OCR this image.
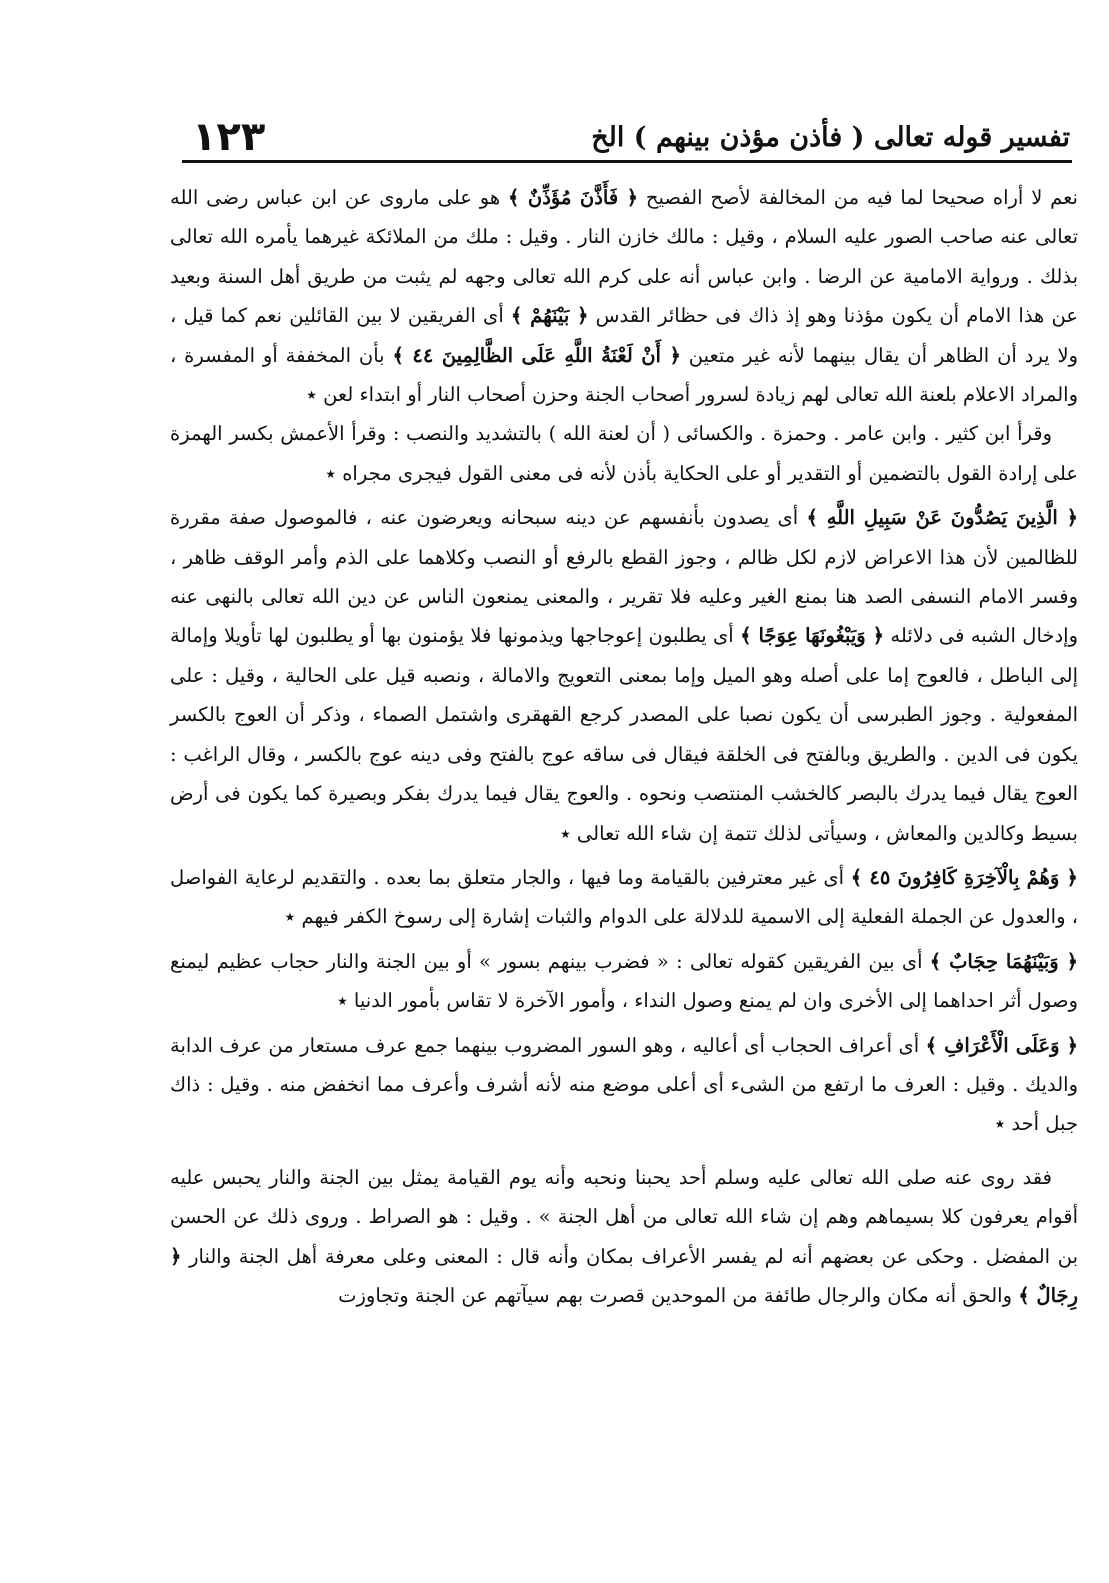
١٢٣	تفسير قوله تعالى ( فأذن مؤذن بينهم ) الخ

نعم لا أراه صحيحا لما فيه من المخالفة لأصح الفصيح ﴿ فَأَذَّنَ مُؤَذِّنٌ ﴾ هو على ماروى عن ابن عباس رضى الله تعالى عنه صاحب الصور عليه السلام ، وقيل : مالك خازن النار . وقيل : ملك من الملائكة غيرهما يأمره الله تعالى بذلك . ورواية الامامية عن الرضا . وابن عباس أنه على كرم الله تعالى وجهه لم يثبت من طريق أهل السنة وبعيد عن هذا الامام أن يكون مؤذنا وهو إذ ذاك فى حظائر القدس ﴿ بَيْنَهُمْ ﴾ أى الفريقين لا بين القائلين نعم كما قيل ، ولا يرد أن الظاهر أن يقال بينهما لأنه غير متعين ﴿ أَنْ لَعْنَةُ اللَّهِ عَلَى الظَّالِمِينَ ٤٤ ﴾ بأن المخففة أو المفسرة ، والمراد الاعلام بلعنة الله تعالى لهم زيادة لسرور أصحاب الجنة وحزن أصحاب النار أو ابتداء لعن ٭

وقرأ ابن كثير . وابن عامر . وحمزة . والكسائى ( أن لعنة الله ) بالتشديد والنصب : وقرأ الأعمش بكسر الهمزة على إرادة القول بالتضمين أو التقدير أو على الحكاية بأذن لأنه فى معنى القول فيجرى مجراه ٭

﴿ الَّذِينَ يَصُدُّونَ عَنْ سَبِيلِ اللَّهِ ﴾ أى يصدون بأنفسهم عن دينه سبحانه ويعرضون عنه ، فالموصول صفة مقررة للظالمين لأن هذا الاعراض لازم لكل ظالم ، وجوز القطع بالرفع أو النصب وكلاهما على الذم وأمر الوقف ظاهر ، وفسر الامام النسفى الصد هنا بمنع الغير وعليه فلا تقرير ، والمعنى يمنعون الناس عن دين الله تعالى بالنهى عنه وإدخال الشبه فى دلائله ﴿ وَيَبْغُونَهَا عِوَجًا ﴾ أى يطلبون إعوجاجها ويذمونها فلا يؤمنون بها أو يطلبون لها تأويلا وإمالة إلى الباطل ، فالعوج إما على أصله وهو الميل وإما بمعنى التعويج والامالة ، ونصبه قيل على الحالية ، وقيل : على المفعولية . وجوز الطبرسى أن يكون نصبا على المصدر كرجع القهقرى واشتمل الصماء ، وذكر أن العوج بالكسر يكون فى الدين . والطريق وبالفتح فى الخلقة فيقال فى ساقه عوج بالفتح وفى دينه عوج بالكسر ، وقال الراغب : العوج يقال فيما يدرك بالبصر كالخشب المنتصب ونحوه . والعوج يقال فيما يدرك بفكر وبصيرة كما يكون فى أرض بسيط وكالدين والمعاش ، وسيأتى لذلك تتمة إن شاء الله تعالى ٭

﴿ وَهُمْ بِالْآخِرَةِ كَافِرُونَ ٤٥ ﴾ أى غير معترفين بالقيامة وما فيها ، والجار متعلق بما بعده . والتقديم لرعاية الفواصل ، والعدول عن الجملة الفعلية إلى الاسمية للدلالة على الدوام والثبات إشارة إلى رسوخ الكفر فيهم ٭

﴿ وَبَيْنَهُمَا حِجَابٌ ﴾ أى بين الفريقين كقوله تعالى : « فضرب بينهم بسور » أو بين الجنة والنار حجاب عظيم ليمنع وصول أثر احداهما إلى الأخرى وان لم يمنع وصول النداء ، وأمور الآخرة لا تقاس بأمور الدنيا ٭

﴿ وَعَلَى الْأَعْرَافِ ﴾ أى أعراف الحجاب أى أعاليه ، وهو السور المضروب بينهما جمع عرف مستعار من عرف الدابة والديك . وقيل : العرف ما ارتفع من الشىء أى أعلى موضع منه لأنه أشرف وأعرف مما انخفض منه . وقيل : ذاك جبل أحد ٭

فقد روى عنه صلى الله تعالى عليه وسلم أحد يحبنا ونحبه وأنه يوم القيامة يمثل بين الجنة والنار يحبس عليه أقوام يعرفون كلا بسيماهم وهم إن شاء الله تعالى من أهل الجنة » . وقيل : هو الصراط . وروى ذلك عن الحسن بن المفضل . وحكى عن بعضهم أنه لم يفسر الأعراف بمكان وأنه قال : المعنى وعلى معرفة أهل الجنة والنار ﴿ رِجَالٌ ﴾ والحق أنه مكان والرجال طائفة من الموحدين قصرت بهم سيآتهم عن الجنة وتجاوزت
